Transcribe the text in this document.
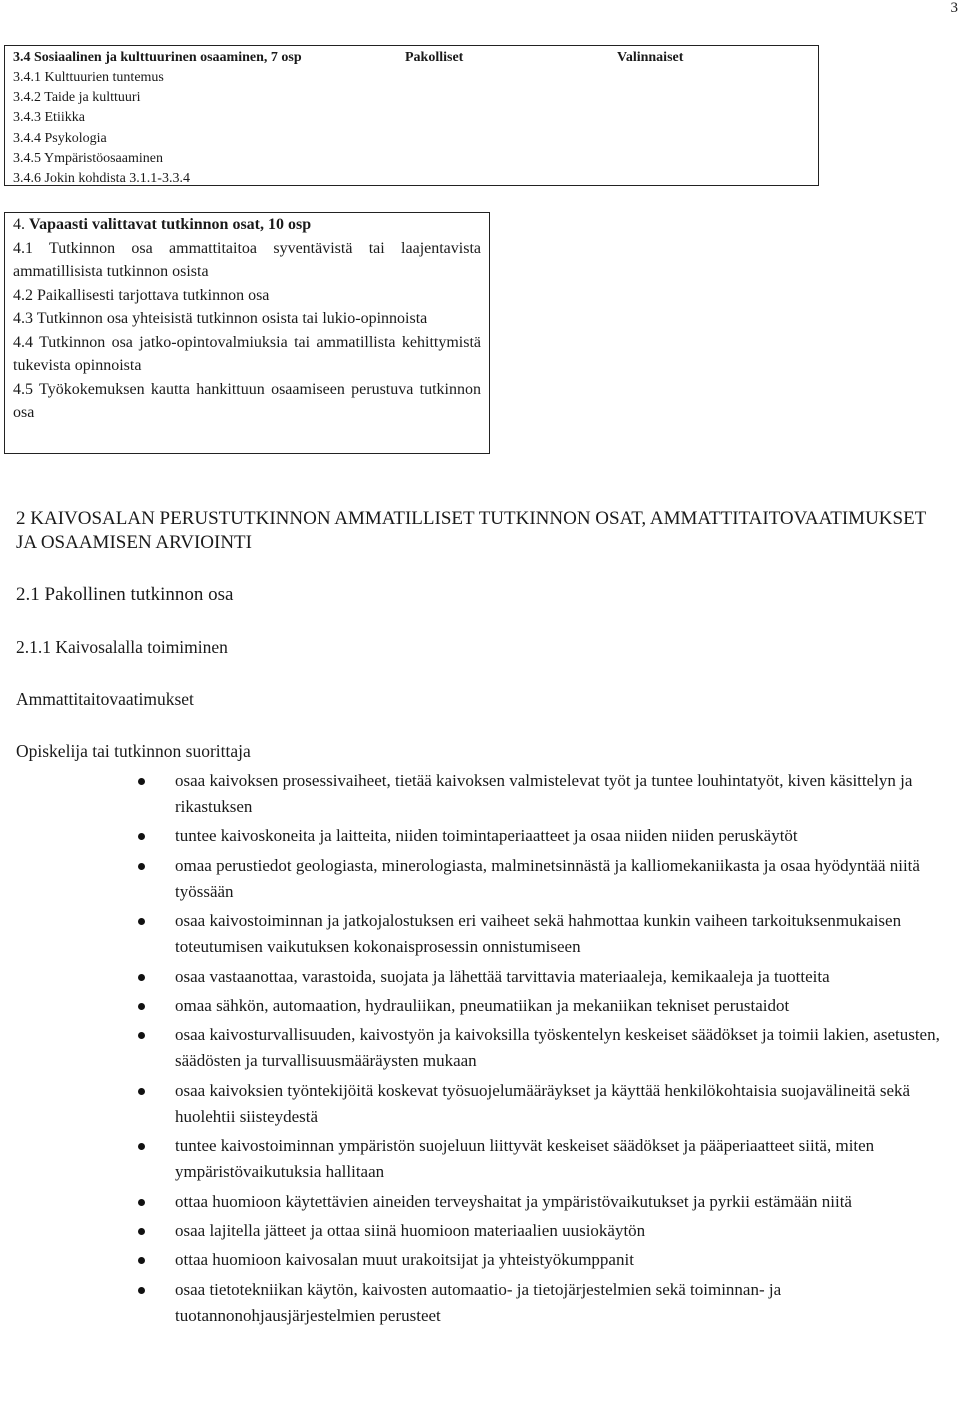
3
3.4 Sosiaalinen ja kulttuurinen osaaminen, 7 osp	Pakolliset	Valinnaiset
3.4.1 Kulttuurien tuntemus
3.4.2 Taide ja kulttuuri
3.4.3 Etiikka
3.4.4 Psykologia
3.4.5 Ympäristöosaaminen
3.4.6 Jokin kohdista 3.1.1-3.3.4

4. Vapaasti valittavat tutkinnon osat, 10 osp

4.1 Tutkinnon osa ammattitaitoa syventävistä tai laajentavista ammatillisista tutkinnon osista

4.2 Paikallisesti tarjottava tutkinnon osa

4.3 Tutkinnon osa yhteisistä tutkinnon osista tai lukio-opinnoista

4.4 Tutkinnon osa jatko-opintovalmiuksia tai ammatillista kehittymistä tukevista opinnoista

4.5 Työkokemuksen kautta hankittuun osaamiseen perustuva tutkinnon osa

2 KAIVOSALAN PERUSTUTKINNON AMMATILLISET TUTKINNON OSAT, AMMATTITAITOVAATIMUKSET JA OSAAMISEN ARVIOINTI
2.1 Pakollinen tutkinnon osa
2.1.1 Kaivosalalla toimiminen
Ammattitaitovaatimukset
Opiskelija tai tutkinnon suorittaja
osaa kaivoksen prosessivaiheet, tietää kaivoksen valmistelevat työt ja tuntee louhintatyöt, kiven käsittelyn ja rikastuksen
tuntee kaivoskoneita ja laitteita, niiden toimintaperiaatteet ja osaa niiden niiden peruskäytöt
omaa perustiedot geologiasta, minerologiasta, malminetsinnästä ja kalliomekaniikasta ja osaa hyödyntää niitä työssään
osaa kaivostoiminnan ja jatkojalostuksen eri vaiheet sekä hahmottaa kunkin vaiheen tarkoituksenmukaisen toteutumisen vaikutuksen kokonaisprosessin onnistumiseen
osaa vastaanottaa, varastoida, suojata ja lähettää tarvittavia materiaaleja, kemikaaleja ja tuotteita
omaa sähkön, automaation, hydrauliikan, pneumatiikan ja mekaniikan tekniset perustaidot
osaa kaivosturvallisuuden, kaivostyön ja kaivoksilla työskentelyn keskeiset säädökset ja toimii lakien, asetusten, säädösten ja turvallisuusmääräysten mukaan
osaa kaivoksien työntekijöitä koskevat työsuojelumääräykset ja käyttää henkilökohtaisia suojavälineitä sekä huolehtii siisteydestä
tuntee kaivostoiminnan ympäristön suojeluun liittyvät keskeiset säädökset ja pääperiaatteet siitä, miten ympäristövaikutuksia hallitaan
ottaa huomioon käytettävien aineiden terveyshaitat ja ympäristövaikutukset ja pyrkii estämään niitä
osaa lajitella jätteet ja ottaa siinä huomioon materiaalien uusiokäytön
ottaa huomioon kaivosalan muut urakoitsijat ja yhteistyökumppanit
osaa tietotekniikan käytön, kaivosten automaatio- ja tietojärjestelmien sekä toiminnan- ja tuotannonohjausjärjestelmien perusteet
